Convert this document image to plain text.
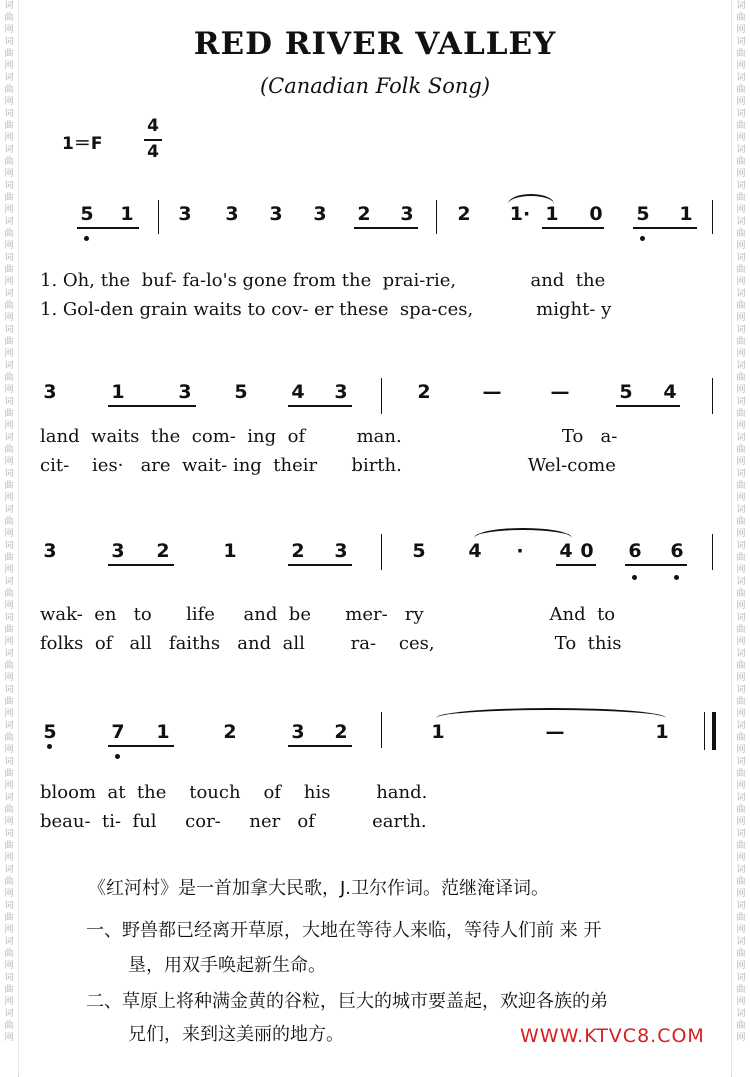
词
曲
网
词
曲
网
词
曲
网
词
曲
网
词
曲
网
词
曲
网
词
曲
网
词
曲
网
词
曲
网
词
曲
网
词
曲
网
词
曲
网
词
曲
网
词
曲
网
词
曲
网
词
曲
网
词
曲
网
词
曲
网
词
曲
网
词
曲
网
词
曲
网
词
曲
网
词
曲
网
词
曲
网
词
曲
网
词
曲
网
词
曲
网
词
曲
网
词
曲
网
词
曲
网
词
曲
网
词
曲
网
词
曲
网
词
曲
网
词
曲
网
词
曲
网
词
曲
网
词
曲
网
词
曲
网
词
曲
网
词
曲
网
词
曲
网
词
曲
网
词
曲
网
词
曲
网
词
曲
网
词
曲
网
词
曲
网
词
曲
网
词
曲
网
词
曲
网
词
曲
网
词
曲
网
词
曲
网
词
曲
网
词
曲
网
词
曲
网
词
曲
网
RED RIVER VALLEY
(Canadian Folk Song)
1＝F
4
4
5 1 3 3 3 3 2 3 2	1· 1 0 5 1
1. Oh, the  buf- fa-lo's gone from the  prai-rie,             and  the
1. Gol-den grain waits to cov- er these  spa-ces,           might- y
3	1	3 5 4 3	2	—	—	5 4
land  waits  the  com-  ing  of         man.                            To   a-
cit-    ies·   are  wait- ing  their      birth.                      Wel-come
3	3 2	1	2 3	5 4	·	4 0 6 6
wak-  en   to      life     and  be      mer-   ry                      And  to
folks  of   all   faiths   and  all        ra-    ces,                     To  this
5	7 1	2	3 2	1	—	1
bloom  at  the    touch    of    his        hand.
beau-  ti-  ful     cor-     ner   of          earth.
《红河村》是一首加拿大民歌，J.卫尔作词。范继淹译词。
一、野兽都已经离开草原，大地在等待人来临，等待人们前 来 开
垦，用双手唤起新生命。
二、草原上将种满金黄的谷粒，巨大的城市要盖起，欢迎各族的弟
兄们，来到这美丽的地方。	WWW.KTVC8.COM
